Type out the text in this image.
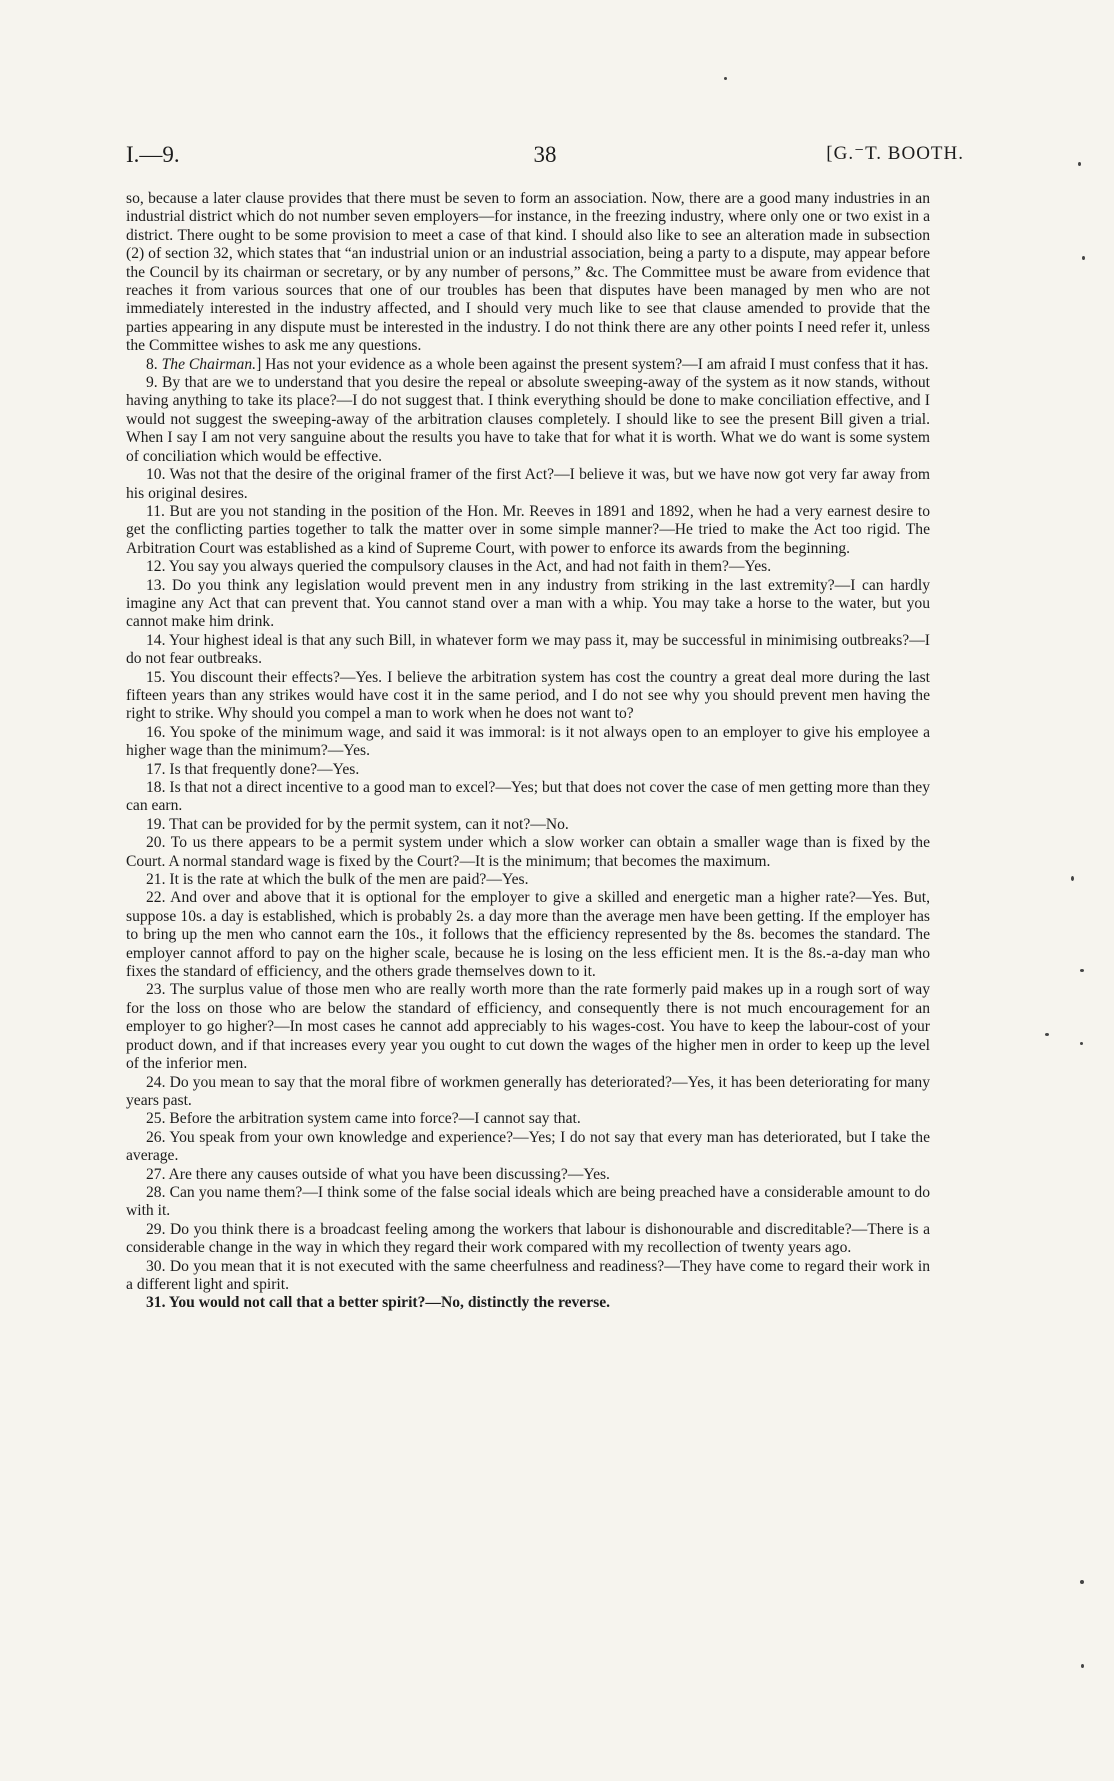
I.—9.	38	[G.⁻T. BOOTH.

so, because a later clause provides that there must be seven to form an association. Now, there are a good many industries in an industrial district which do not number seven employers—for instance, in the freezing industry, where only one or two exist in a district. There ought to be some provision to meet a case of that kind. I should also like to see an alteration made in subsection (2) of section 32, which states that “an industrial union or an industrial association, being a party to a dispute, may appear before the Council by its chairman or secretary, or by any number of persons,” &c. The Committee must be aware from evidence that reaches it from various sources that one of our troubles has been that disputes have been managed by men who are not immediately interested in the industry affected, and I should very much like to see that clause amended to provide that the parties appearing in any dispute must be interested in the industry. I do not think there are any other points I need refer it, unless the Committee wishes to ask me any questions.

8. The Chairman.] Has not your evidence as a whole been against the present system?—I am afraid I must confess that it has.

9. By that are we to understand that you desire the repeal or absolute sweeping-away of the system as it now stands, without having anything to take its place?—I do not suggest that. I think everything should be done to make conciliation effective, and I would not suggest the sweeping-away of the arbitration clauses completely. I should like to see the present Bill given a trial. When I say I am not very sanguine about the results you have to take that for what it is worth. What we do want is some system of conciliation which would be effective.

10. Was not that the desire of the original framer of the first Act?—I believe it was, but we have now got very far away from his original desires.

11. But are you not standing in the position of the Hon. Mr. Reeves in 1891 and 1892, when he had a very earnest desire to get the conflicting parties together to talk the matter over in some simple manner?—He tried to make the Act too rigid. The Arbitration Court was established as a kind of Supreme Court, with power to enforce its awards from the beginning.

12. You say you always queried the compulsory clauses in the Act, and had not faith in them?—Yes.

13. Do you think any legislation would prevent men in any industry from striking in the last extremity?—I can hardly imagine any Act that can prevent that. You cannot stand over a man with a whip. You may take a horse to the water, but you cannot make him drink.

14. Your highest ideal is that any such Bill, in whatever form we may pass it, may be successful in minimising outbreaks?—I do not fear outbreaks.

15. You discount their effects?—Yes. I believe the arbitration system has cost the country a great deal more during the last fifteen years than any strikes would have cost it in the same period, and I do not see why you should prevent men having the right to strike. Why should you compel a man to work when he does not want to?

16. You spoke of the minimum wage, and said it was immoral: is it not always open to an employer to give his employee a higher wage than the minimum?—Yes.

17. Is that frequently done?—Yes.

18. Is that not a direct incentive to a good man to excel?—Yes; but that does not cover the case of men getting more than they can earn.

19. That can be provided for by the permit system, can it not?—No.

20. To us there appears to be a permit system under which a slow worker can obtain a smaller wage than is fixed by the Court. A normal standard wage is fixed by the Court?—It is the minimum; that becomes the maximum.

21. It is the rate at which the bulk of the men are paid?—Yes.

22. And over and above that it is optional for the employer to give a skilled and energetic man a higher rate?—Yes. But, suppose 10s. a day is established, which is probably 2s. a day more than the average men have been getting. If the employer has to bring up the men who cannot earn the 10s., it follows that the efficiency represented by the 8s. becomes the standard. The employer cannot afford to pay on the higher scale, because he is losing on the less efficient men. It is the 8s.-a-day man who fixes the standard of efficiency, and the others grade themselves down to it.

23. The surplus value of those men who are really worth more than the rate formerly paid makes up in a rough sort of way for the loss on those who are below the standard of efficiency, and consequently there is not much encouragement for an employer to go higher?—In most cases he cannot add appreciably to his wages-cost. You have to keep the labour-cost of your product down, and if that increases every year you ought to cut down the wages of the higher men in order to keep up the level of the inferior men.

24. Do you mean to say that the moral fibre of workmen generally has deteriorated?—Yes, it has been deteriorating for many years past.

25. Before the arbitration system came into force?—I cannot say that.

26. You speak from your own knowledge and experience?—Yes; I do not say that every man has deteriorated, but I take the average.

27. Are there any causes outside of what you have been discussing?—Yes.

28. Can you name them?—I think some of the false social ideals which are being preached have a considerable amount to do with it.

29. Do you think there is a broadcast feeling among the workers that labour is dishonourable and discreditable?—There is a considerable change in the way in which they regard their work compared with my recollection of twenty years ago.

30. Do you mean that it is not executed with the same cheerfulness and readiness?—They have come to regard their work in a different light and spirit.

31. You would not call that a better spirit?—No, distinctly the reverse.
